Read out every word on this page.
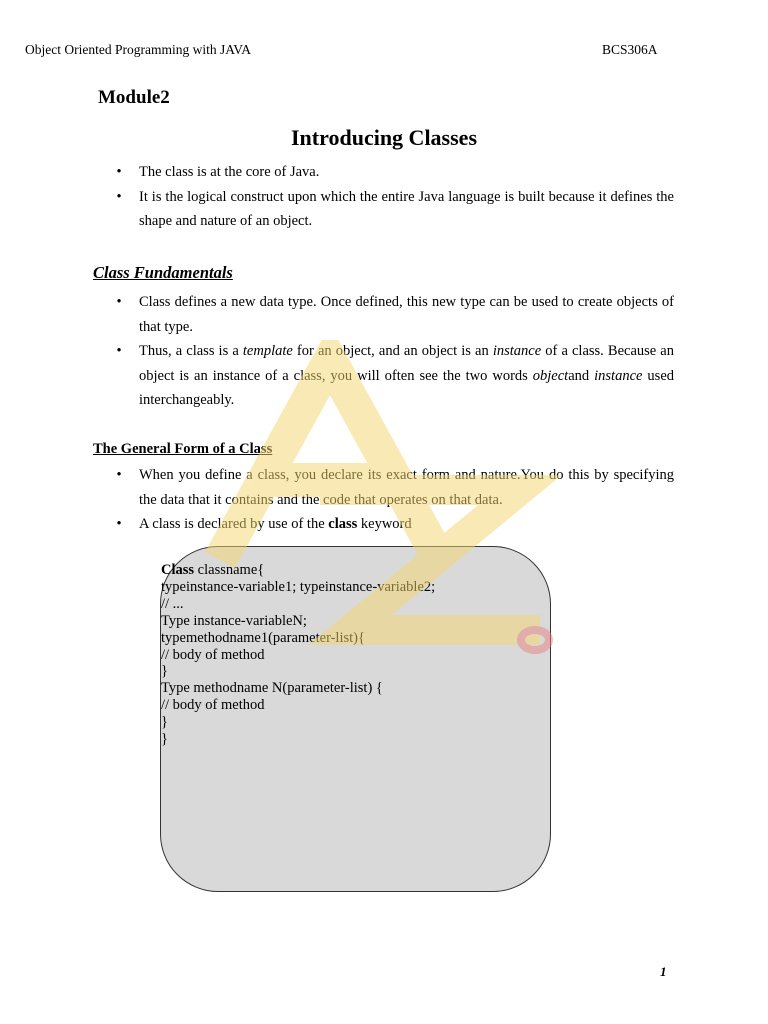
Object Oriented Programming with JAVA	BCS306A
Module2
Introducing Classes
• The class is at the core of Java.
• It is the logical construct upon which the entire Java language is built because it defines the shape and nature of an object.
Class Fundamentals
• Class defines a new data type. Once defined, this new type can be used to create objects of that type.
• Thus, a class is a template for an object, and an object is an instance of a class. Because an object is an instance of a class, you will often see the two words objectand instance used interchangeably.
The General Form of a Class
• When you define a class, you declare its exact form and nature.You do this by specifying the data that it contains and the code that operates on that data.
• A class is declared by use of the class keyword
Class classname{
typeinstance-variable1; typeinstance-variable2;
// ...
Type instance-variableN;
typemethodname1(parameter-list){
// body of method
}
Type methodname N(parameter-list) {
// body of method
}
}
1
